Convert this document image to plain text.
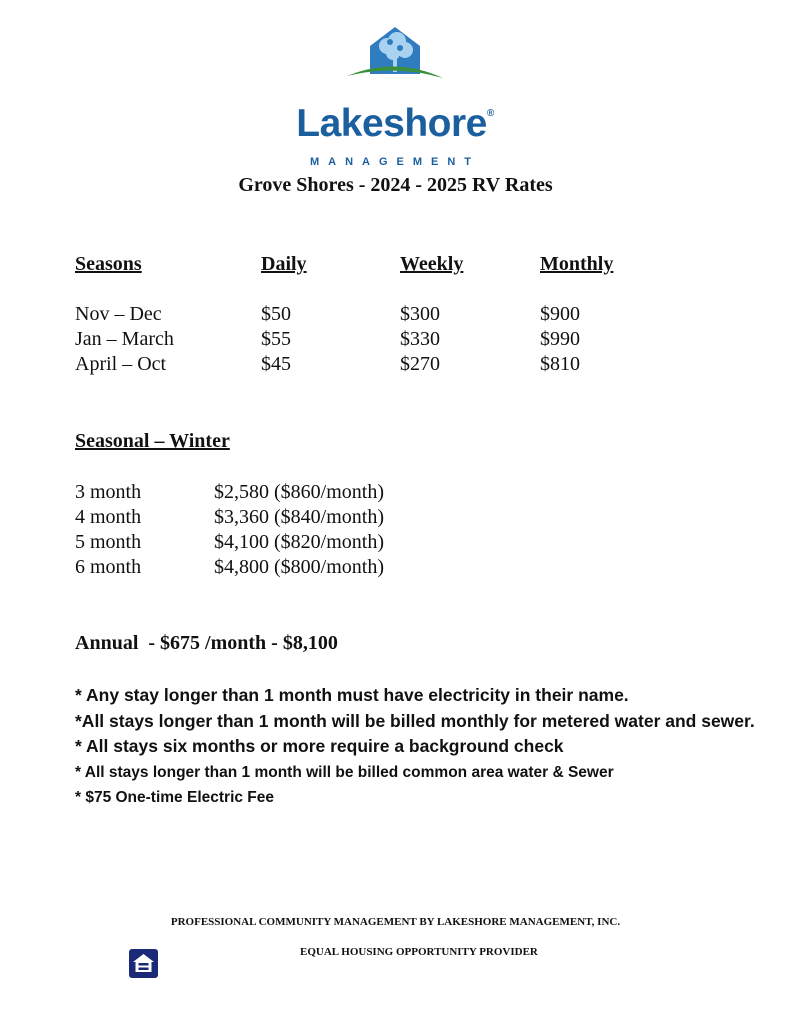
Lakeshore®
MANAGEMENT
Grove Shores - 2024 - 2025 RV Rates
Seasons	Daily	Weekly	Monthly
Nov – Dec	$50	$300	$900
Jan – March	$55	$330	$990
April – Oct	$45	$270	$810
Seasonal – Winter
3 month	$2,580 ($860/month)
4 month	$3,360 ($840/month)
5 month	$4,100 ($820/month)
6 month	$4,800 ($800/month)
Annual  - $675 /month - $8,100
* Any stay longer than 1 month must have electricity in their name.
*All stays longer than 1 month will be billed monthly for metered water and sewer.
* All stays six months or more require a background check
* All stays longer than 1 month will be billed common area water & Sewer
* $75 One-time Electric Fee
PROFESSIONAL COMMUNITY MANAGEMENT BY LAKESHORE MANAGEMENT, INC.
EQUAL HOUSING OPPORTUNITY PROVIDER
